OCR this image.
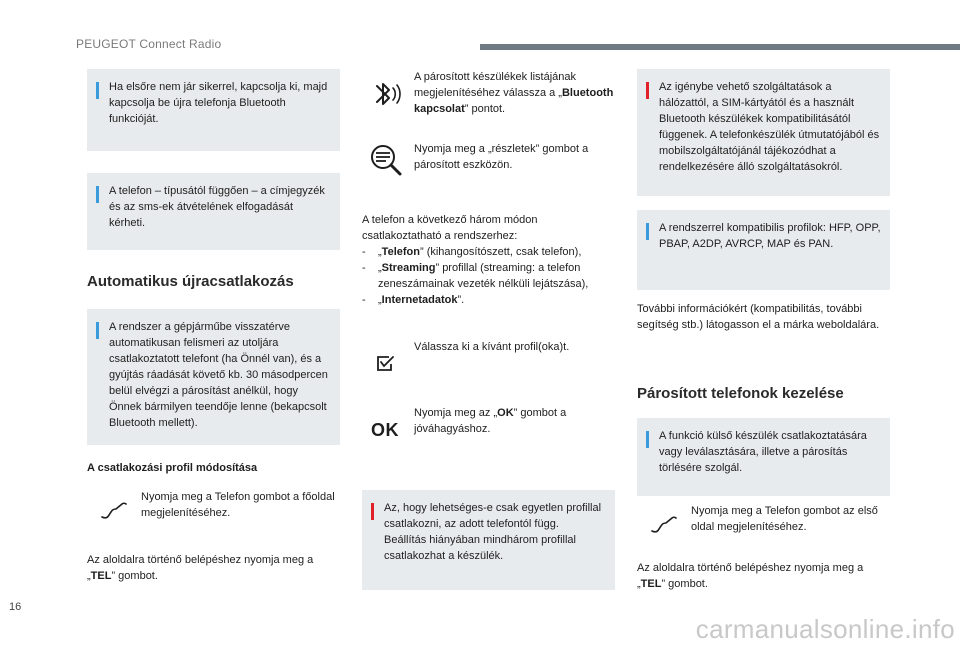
PEUGEOT Connect Radio
Ha elsőre nem jár sikerrel, kapcsolja ki, majd kapcsolja be újra telefonja Bluetooth funkcióját.
A telefon – típusától függően – a címjegyzék és az sms-ek átvételének elfogadását kérheti.
Automatikus újracsatlakozás
A rendszer a gépjárműbe visszatérve automatikusan felismeri az utoljára csatlakoztatott telefont (ha Önnél van), és a gyújtás ráadását követő kb. 30 másodpercen belül elvégzi a párosítást anélkül, hogy Önnek bármilyen teendője lenne (bekapcsolt Bluetooth mellett).
A csatlakozási profil módosítása
Nyomja meg a Telefon gombot a főoldal megjelenítéséhez.
Az aloldalra történő belépéshez nyomja meg a „TEL” gombot.
A párosított készülékek listájának megjelenítéséhez válassza a „Bluetooth kapcsolat” pontot.
Nyomja meg a „részletek” gombot a párosított eszközön.
A telefon a következő három módon csatlakoztatható a rendszerhez:
-	„Telefon” (kihangosítószett, csak telefon),
-	„Streaming” profillal (streaming: a telefon zeneszámainak vezeték nélküli lejátszása),
-	„Internetadatok”.
Válassza ki a kívánt profil(oka)t.
OK
Nyomja meg az „OK” gombot a jóváhagyáshoz.
Az, hogy lehetséges-e csak egyetlen profillal csatlakozni, az adott telefontól függ.
Beállítás hiányában mindhárom profillal csatlakozhat a készülék.
Az igénybe vehető szolgáltatások a hálózattól, a SIM-kártyától és a használt Bluetooth készülékek kompatibilitásától függenek. A telefonkészülék útmutatójából és mobilszolgáltatójánál tájékozódhat a rendelkezésére álló szolgáltatásokról.
A rendszerrel kompatibilis profilok: HFP, OPP, PBAP, A2DP, AVRCP, MAP és PAN.
További információkért (kompatibilitás, további segítség stb.) látogasson el a márka weboldalára.
Párosított telefonok kezelése
A funkció külső készülék csatlakoztatására vagy leválasztására, illetve a párosítás törlésére szolgál.
Nyomja meg a Telefon gombot az első oldal megjelenítéséhez.
Az aloldalra történő belépéshez nyomja meg a „TEL” gombot.
16
carmanualsonline.info
